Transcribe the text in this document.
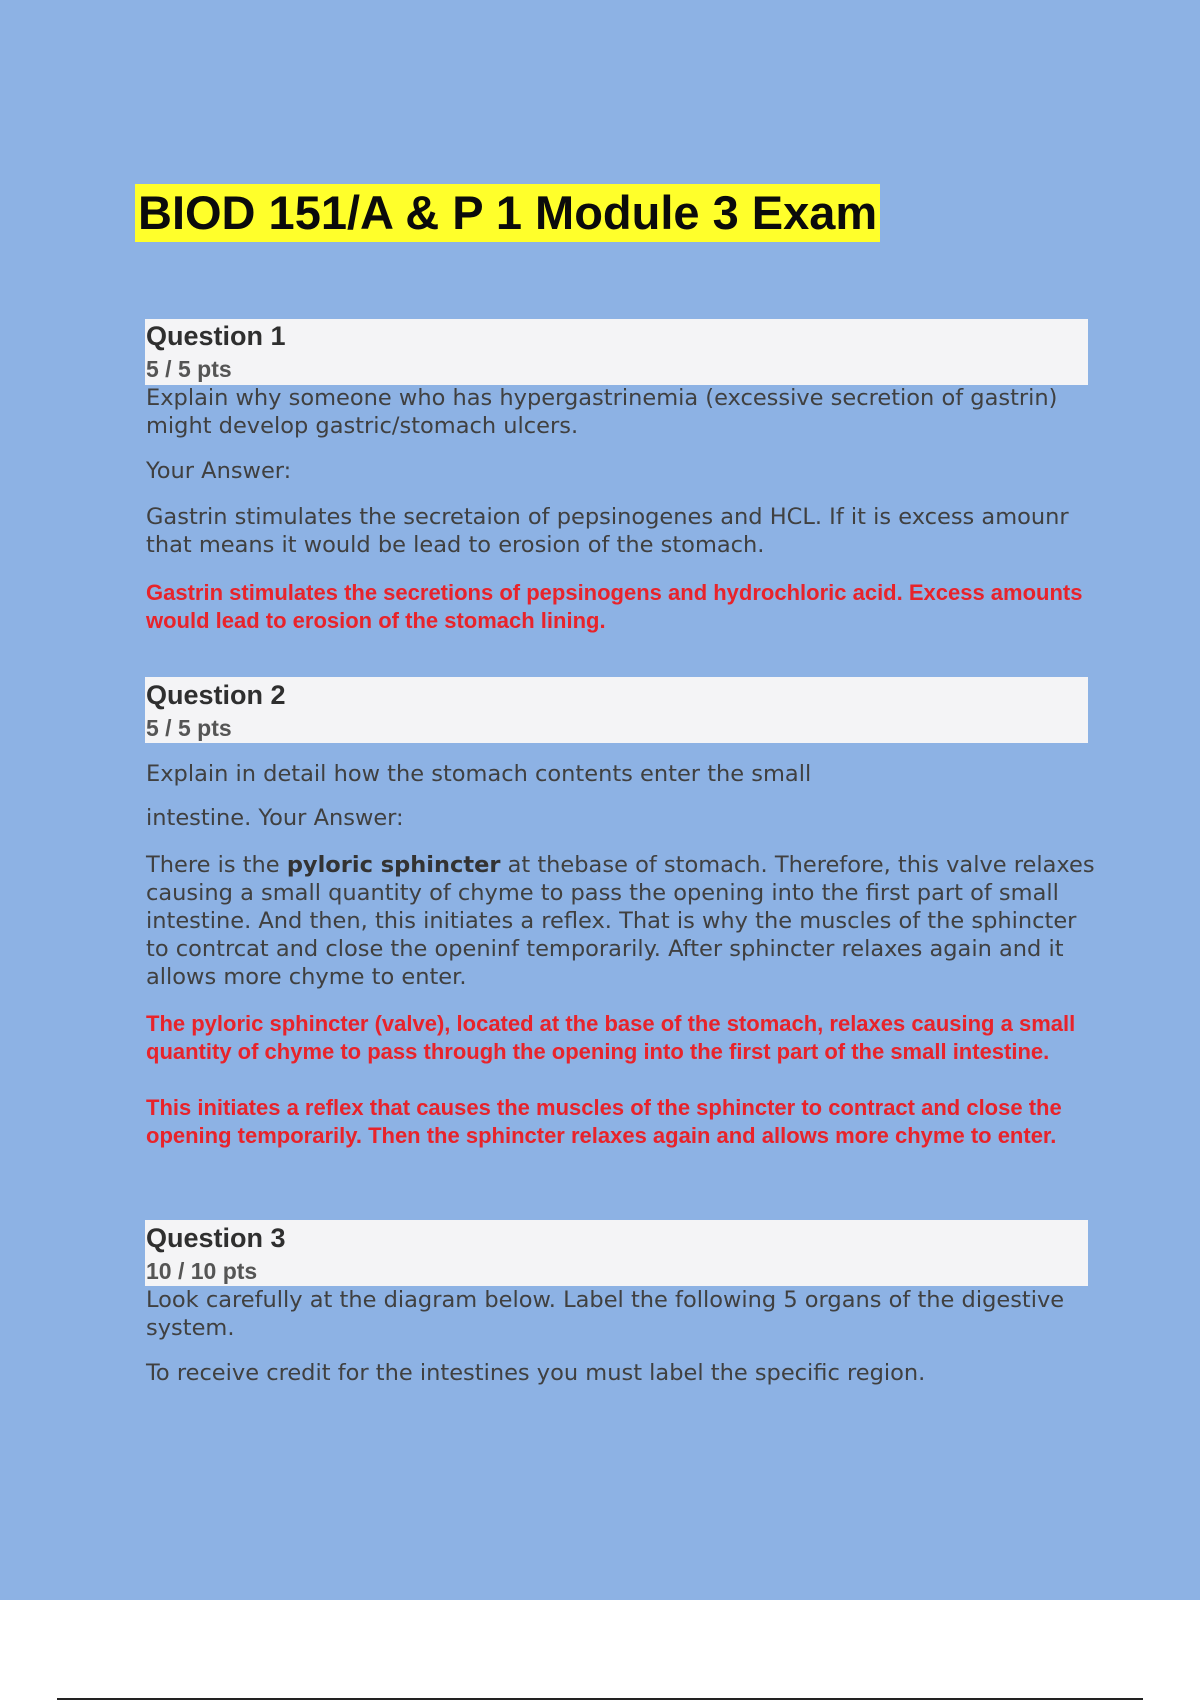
BIOD 151/A & P 1 Module 3 Exam
Question 1
5 / 5 pts

Explain why someone who has hypergastrinemia (excessive secretion of gastrin) might develop gastric/stomach ulcers.

Your Answer:

Gastrin stimulates the secretaion of pepsinogenes and HCL. If it is excess amounr that means it would be lead to erosion of the stomach.

Gastrin stimulates the secretions of pepsinogens and hydrochloric acid. Excess amounts would lead to erosion of the stomach lining.

Question 2
5 / 5 pts

Explain in detail how the stomach contents enter the small

intestine. Your Answer:

There is the pyloric sphincter at thebase of stomach. Therefore, this valve relaxes causing a small quantity of chyme to pass the opening into the first part of small intestine. And then, this initiates a reflex. That is why the muscles of the sphincter to contrcat and close the openinf temporarily. After sphincter relaxes again and it allows more chyme to enter.

The pyloric sphincter (valve), located at the base of the stomach, relaxes causing a small quantity of chyme to pass through the opening into the first part of the small intestine.

This initiates a reflex that causes the muscles of the sphincter to contract and close the opening temporarily. Then the sphincter relaxes again and allows more chyme to enter.

Question 3
10 / 10 pts

Look carefully at the diagram below. Label the following 5 organs of the digestive system.

To receive credit for the intestines you must label the specific region.
